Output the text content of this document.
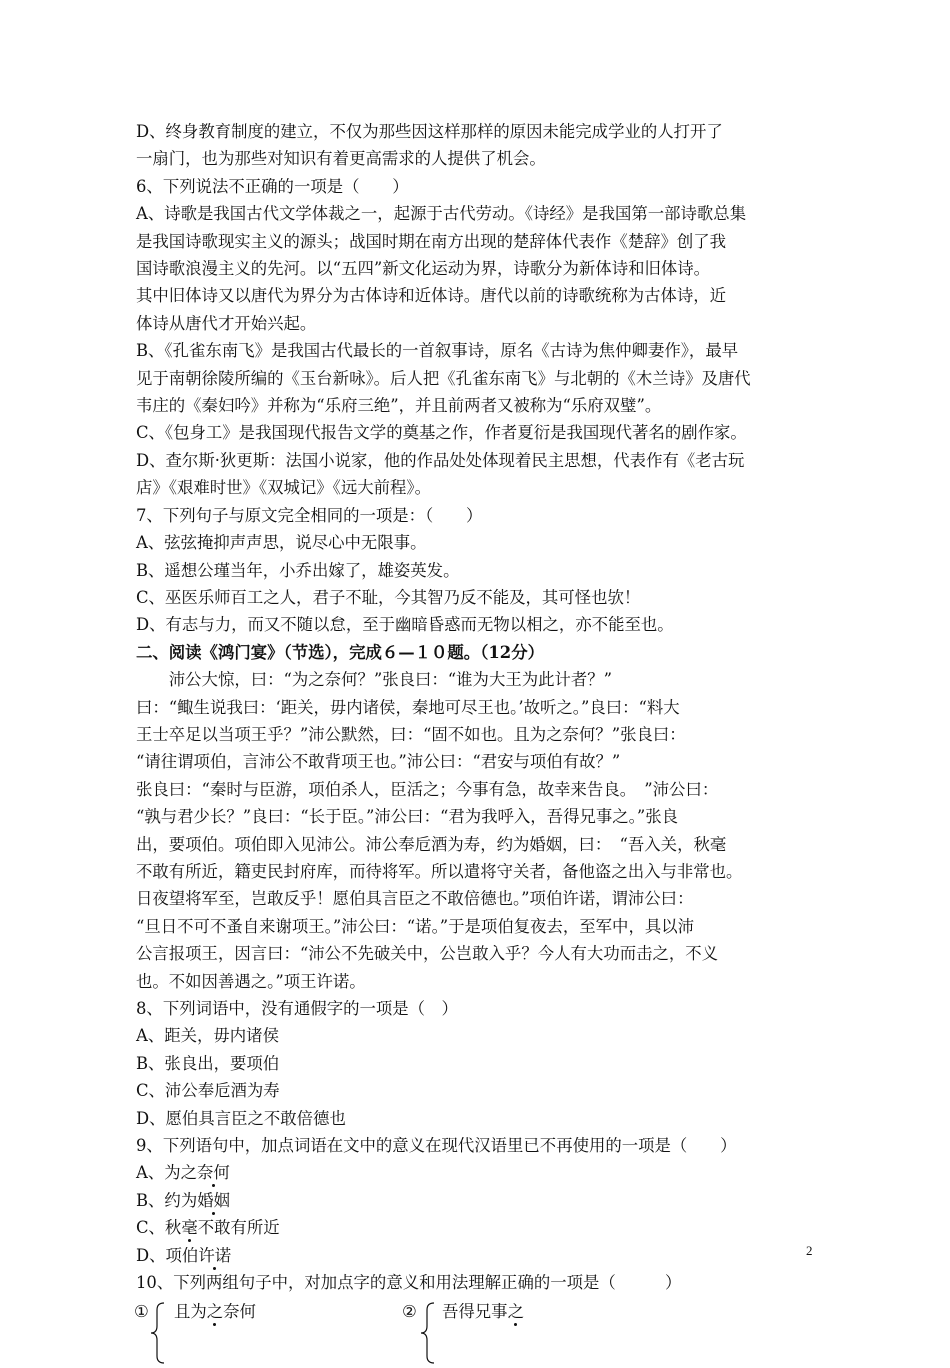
D、终身教育制度的建立，不仅为那些因这样那样的原因未能完成学业的人打开了
一扇门，也为那些对知识有着更高需求的人提供了机会。
6、下列说法不正确的一项是（　　）
A、诗歌是我国古代文学体裁之一，起源于古代劳动。《诗经》是我国第一部诗歌总集
是我国诗歌现实主义的源头；战国时期在南方出现的楚辞体代表作《楚辞》创了我
国诗歌浪漫主义的先河。以“五四”新文化运动为界，诗歌分为新体诗和旧体诗。
其中旧体诗又以唐代为界分为古体诗和近体诗。唐代以前的诗歌统称为古体诗，近
体诗从唐代才开始兴起。
B、《孔雀东南飞》是我国古代最长的一首叙事诗，原名《古诗为焦仲卿妻作》，最早
见于南朝徐陵所编的《玉台新咏》。后人把《孔雀东南飞》与北朝的《木兰诗》及唐代
韦庄的《秦妇吟》并称为“乐府三绝”，并且前两者又被称为“乐府双璧”。
C、《包身工》是我国现代报告文学的奠基之作，作者夏衍是我国现代著名的剧作家。
D、查尔斯·狄更斯：法国小说家，他的作品处处体现着民主思想，代表作有《老古玩
店》《艰难时世》《双城记》《远大前程》。
7、下列句子与原文完全相同的一项是：（　　）
A、弦弦掩抑声声思，说尽心中无限事。
B、遥想公瑾当年，小乔出嫁了，雄姿英发。
C、巫医乐师百工之人，君子不耻，今其智乃反不能及，其可怪也欤！
D、有志与力，而又不随以怠，至于幽暗昏惑而无物以相之，亦不能至也。
二、阅读《鸿门宴》（节选），完成６—１０题。（12分）
　　沛公大惊，曰：“为之奈何？”张良曰：“谁为大王为此计者？”
曰：“鲰生说我曰：‘距关，毋内诸侯，秦地可尽王也。’故听之。”良曰：“料大
王士卒足以当项王乎？”沛公默然，曰：“固不如也。且为之奈何？”张良曰：
“请往谓项伯，言沛公不敢背项王也。”沛公曰：“君安与项伯有故？”
张良曰：“秦时与臣游，项伯杀人，臣活之；今事有急，故幸来告良。　”沛公曰：
“孰与君少长？”良曰：“长于臣。”沛公曰：“君为我呼入，吾得兄事之。”张良
出，要项伯。项伯即入见沛公。沛公奉卮酒为寿，约为婚姻，曰：　“吾入关，秋毫
不敢有所近，籍吏民封府库，而待将军。所以遣将守关者，备他盗之出入与非常也。
日夜望将军至，岂敢反乎！愿伯具言臣之不敢倍德也。”项伯许诺，谓沛公曰：
“旦日不可不蚤自来谢项王。”沛公曰：“诺。”于是项伯复夜去，至军中，具以沛
公言报项王，因言曰：“沛公不先破关中，公岂敢入乎？今人有大功而击之，不义
也。不如因善遇之。”项王许诺。
8、下列词语中，没有通假字的一项是（　）
A、距关，毋内诸侯
B、张良出，要项伯
C、沛公奉卮酒为寿
D、愿伯具言臣之不敢倍德也
9、下列语句中，加点词语在文中的意义在现代汉语里已不再使用的一项是（　　）
A、为之奈何
B、约为婚姻
C、秋毫不敢有所近
D、项伯许诺
10、下列两组句子中，对加点字的意义和用法理解正确的一项是（　　　）
① 且为之奈何	② 吾得兄事之
2
